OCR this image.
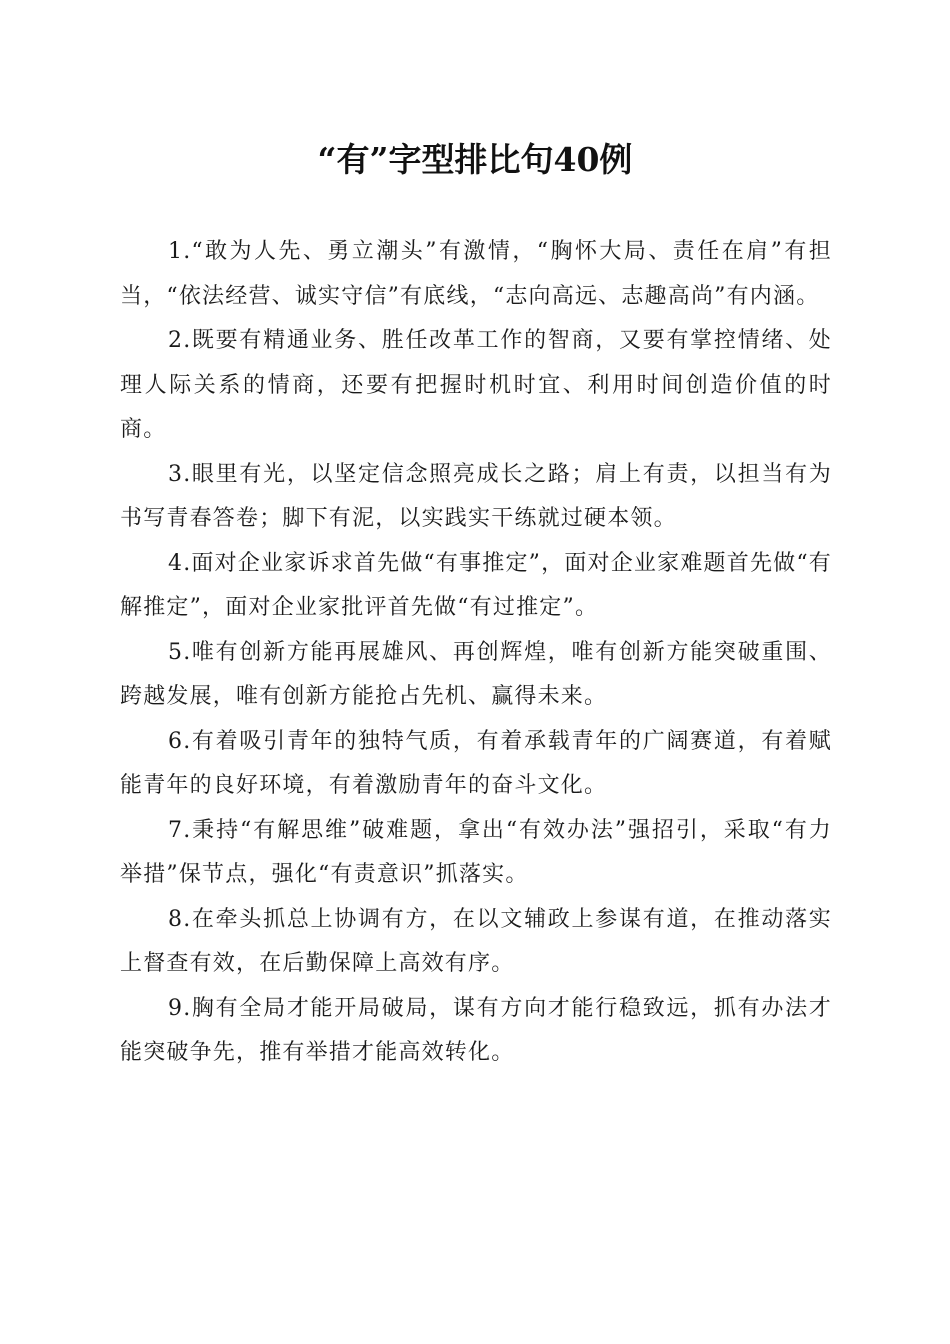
“有”字型排比句40例

1.“敢为人先、勇立潮头”有激情，“胸怀大局、责任在肩”有担当，“依法经营、诚实守信”有底线，“志向高远、志趣高尚”有内涵。

2.既要有精通业务、胜任改革工作的智商，又要有掌控情绪、处理人际关系的情商，还要有把握时机时宜、利用时间创造价值的时商。

3.眼里有光，以坚定信念照亮成长之路；肩上有责，以担当有为书写青春答卷；脚下有泥，以实践实干练就过硬本领。

4.面对企业家诉求首先做“有事推定”，面对企业家难题首先做“有解推定”，面对企业家批评首先做“有过推定”。

5.唯有创新方能再展雄风、再创辉煌，唯有创新方能突破重围、跨越发展，唯有创新方能抢占先机、赢得未来。

6.有着吸引青年的独特气质，有着承载青年的广阔赛道，有着赋能青年的良好环境，有着激励青年的奋斗文化。

7.秉持“有解思维”破难题，拿出“有效办法”强招引，采取“有力举措”保节点，强化“有责意识”抓落实。

8.在牵头抓总上协调有方，在以文辅政上参谋有道，在推动落实上督查有效，在后勤保障上高效有序。

9.胸有全局才能开局破局，谋有方向才能行稳致远，抓有办法才能突破争先，推有举措才能高效转化。
